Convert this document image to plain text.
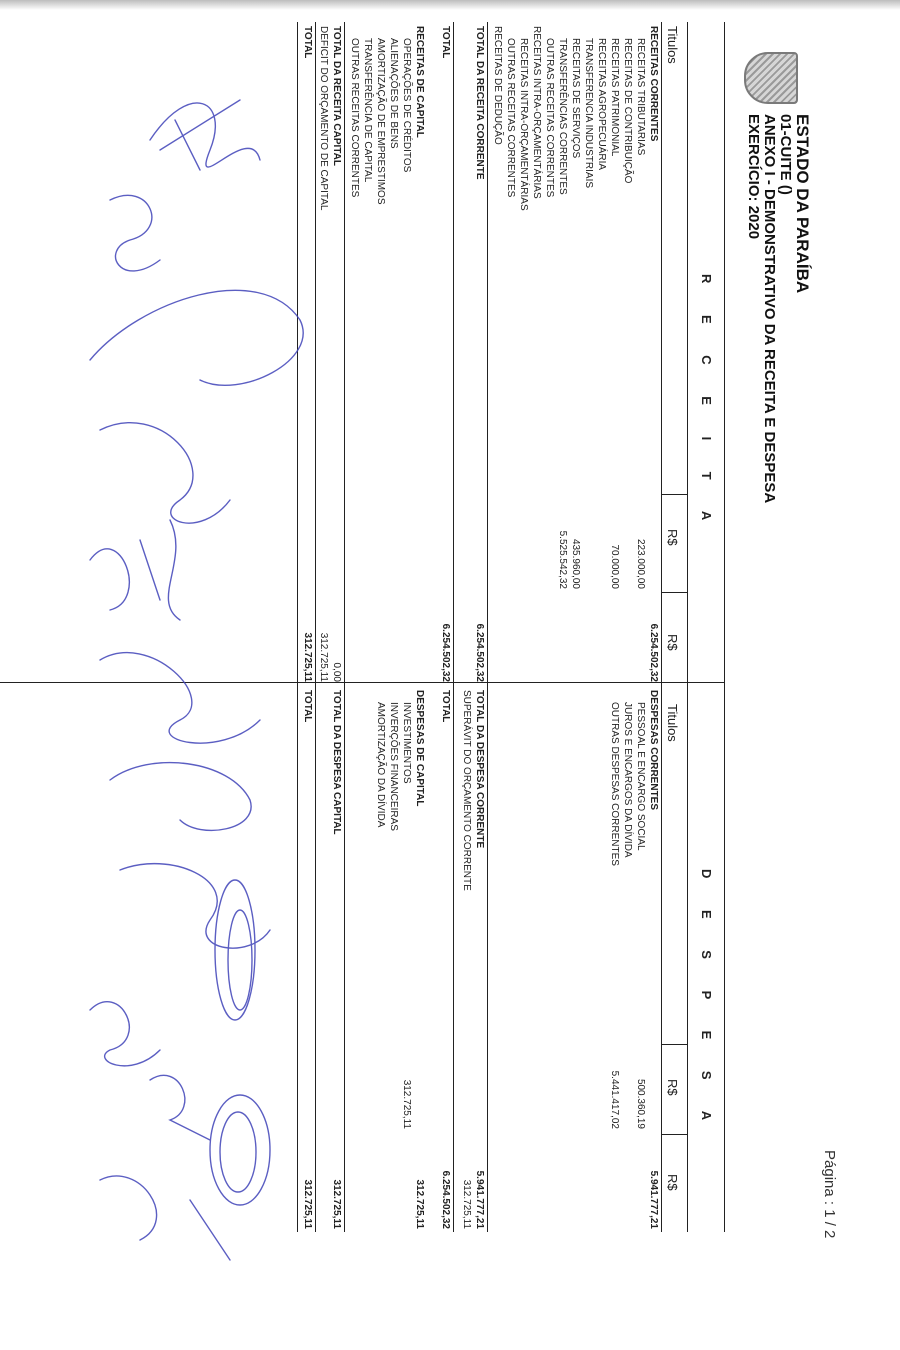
Página : 1 / 2
ESTADO DA PARAÍBA
01-CUITE ()
ANEXO I - DEMONSTRATIVO DA RECEITA E DESPESA
EXERCÍCIO: 2020
R E C E I T A
D E S P E S A
Titulos
R$
R$
Titulos
R$
R$
RECEITAS CORRENTES
6.254.502,32
RECEITAS TRIBUTARIAS
223.000,00
RECEITAS DE CONTRIBUIÇÃO
RECEITAS PATRIMONIAL
70.000,00
RECEITAS AGROPECUÁRIA
TRANSFERENCIA INDUSTRIAIS
RECEITAS DE SERVIÇOS
435.960,00
TRANSFERÊNCIAS CORRENTES
5.525.542,32
OUTRAS RECEITAS CORRENTES
RECEITAS INTRA-ORÇAMENTÁRIAS
RECEITAS INTRA-ORÇAMENTÁRIAS
OUTRAS RECEITAS CORRENTES
RECEITAS DE DEDUÇÃO
TOTAL DA RECEITA CORRENTE
6.254.502,32
TOTAL
6.254.502,32
RECEITAS DE CAPITAL
OPERAÇÕES DE CRÉDITOS
ALIENAÇÕES DE BENS
AMORTIZAÇÃO DE EMPRESTIMOS
TRANSFERÊNCIA DE CAPITAL
OUTRAS RECEITAS CORRENTES
TOTAL DA RECEITA CAPITAL
0,00
DEFICIT DO ORÇAMENTO DE CAPITAL
312.725,11
TOTAL
312.725,11
DESPESAS CORRENTES
5.941.777,21
PESSOAL E ENCARGO SOCIAL
500.360,19
JUROS E ENCARGOS DA DÍVIDA
OUTRAS DESPESAS CORRENTES
5.441.417,02
TOTAL DA DESPESA CORRENTE
5.941.777,21
SUPERÁVIT DO ORÇAMENTO CORRENTE
312.725,11
TOTAL
6.254.502,32
DESPESAS DE CAPITAL
312.725,11
INVESTIMENTOS
312.725,11
INVERÇÕES FINANCEIRAS
AMORTIZAÇÃO DA DÍVIDA
TOTAL DA DESPESA CAPITAL
312.725,11
TOTAL
312.725,11
